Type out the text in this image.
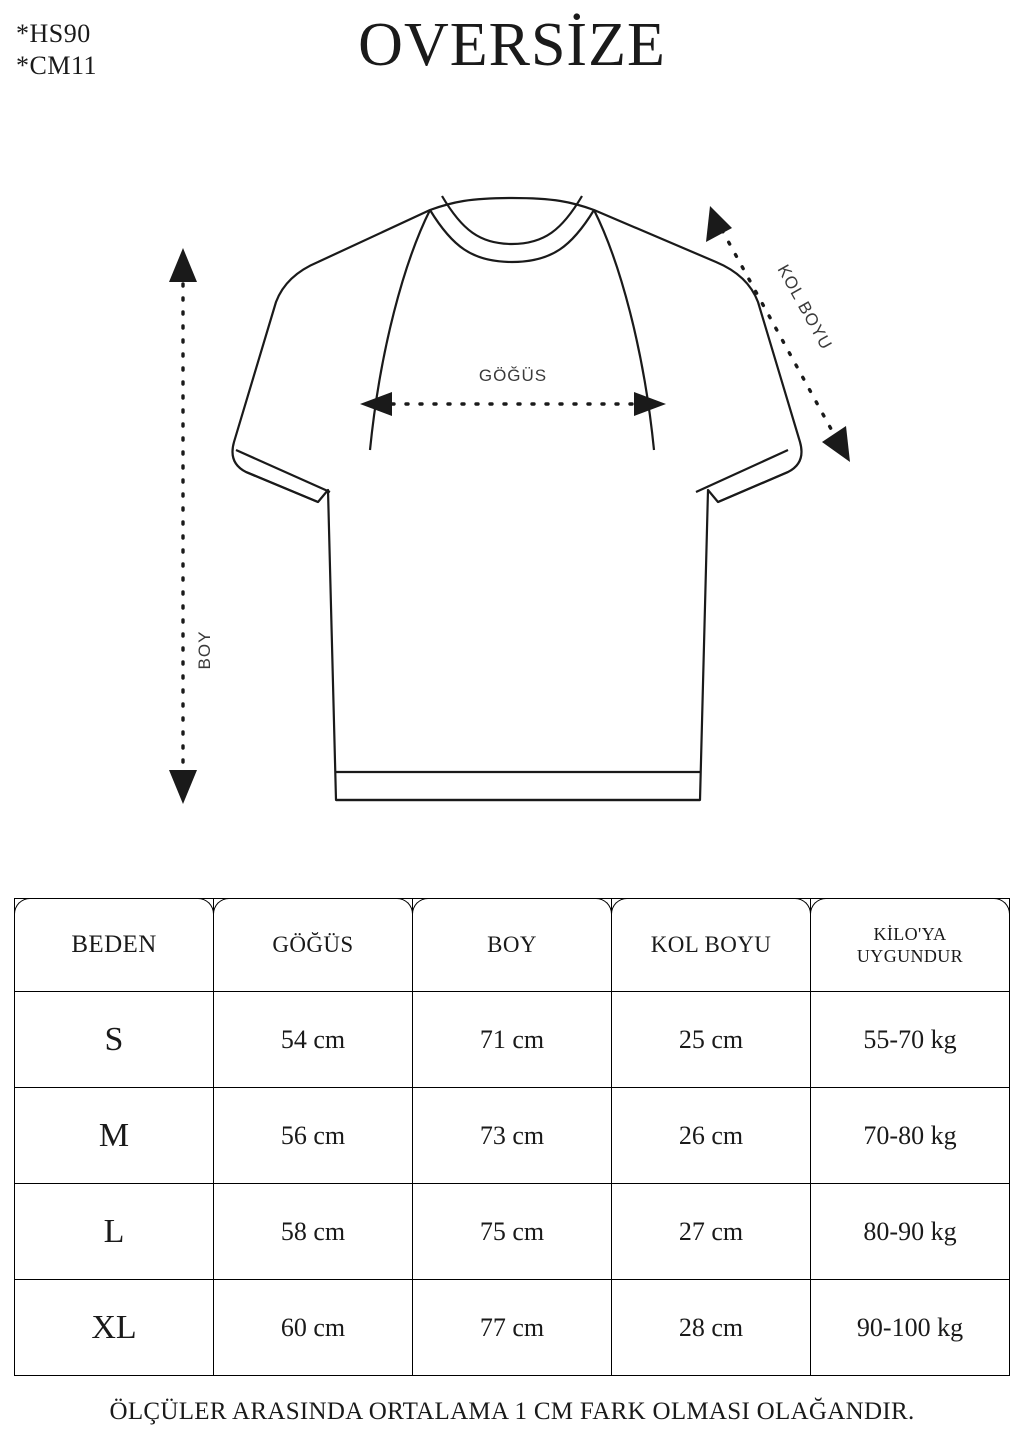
*HS90
*CM11	OVERSİZE
GÖĞÜS
BOY
KOL BOYU
BEDEN	GÖĞÜS	BOY	KOL BOYU	KİLO'YA
UYGUNDUR
S	54 cm	71 cm	25 cm	55-70 kg
M	56 cm	73 cm	26 cm	70-80 kg
L	58 cm	75 cm	27 cm	80-90 kg
XL	60 cm	77 cm	28 cm	90-100 kg
ÖLÇÜLER ARASINDA ORTALAMA 1 CM FARK OLMASI OLAĞANDIR.
